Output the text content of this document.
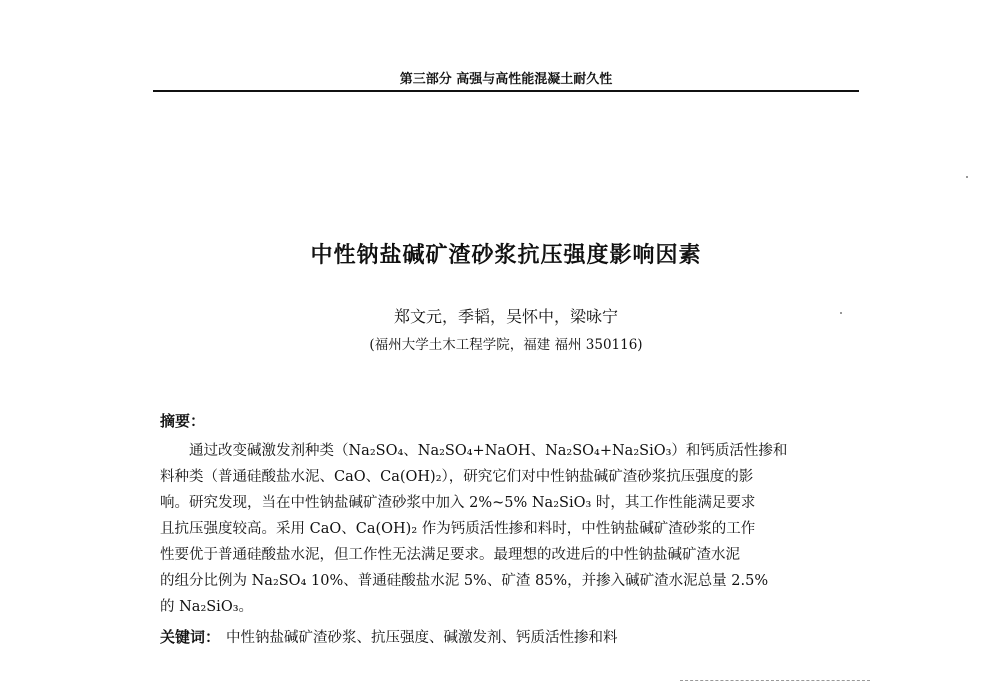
第三部分 高强与高性能混凝土耐久性
中性钠盐碱矿渣砂浆抗压强度影响因素
郑文元，季韬，吴怀中，梁咏宁
(福州大学土木工程学院，福建 福州 350116)
摘要：
　　通过改变碱激发剂种类（Na₂SO₄、Na₂SO₄+NaOH、Na₂SO₄+Na₂SiO₃）和钙质活性掺和
料种类（普通硅酸盐水泥、CaO、Ca(OH)₂），研究它们对中性钠盐碱矿渣砂浆抗压强度的影
响。研究发现，当在中性钠盐碱矿渣砂浆中加入 2%~5% Na₂SiO₃ 时，其工作性能满足要求
且抗压强度较高。采用 CaO、Ca(OH)₂ 作为钙质活性掺和料时，中性钠盐碱矿渣砂浆的工作
性要优于普通硅酸盐水泥，但工作性无法满足要求。最理想的改进后的中性钠盐碱矿渣水泥
的组分比例为 Na₂SO₄ 10%、普通硅酸盐水泥 5%、矿渣 85%，并掺入碱矿渣水泥总量 2.5%
的 Na₂SiO₃。
关键词： 中性钠盐碱矿渣砂浆、抗压强度、碱激发剂、钙质活性掺和料
